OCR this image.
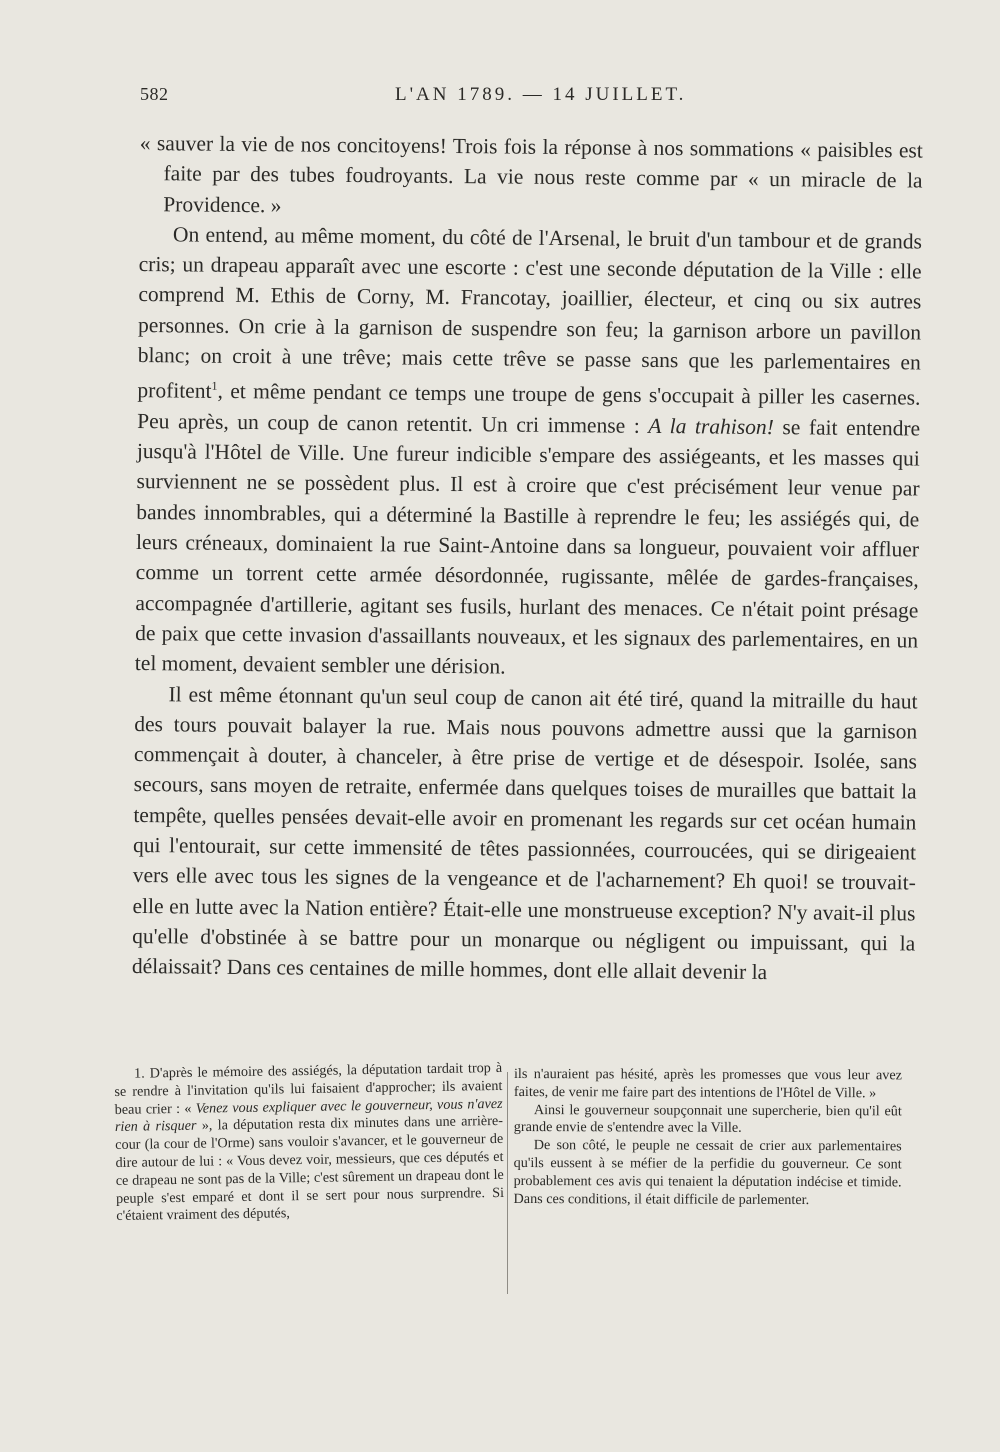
582	L'AN 1789. — 14 JUILLET.

« sauver la vie de nos concitoyens! Trois fois la réponse à nos sommations « paisibles est faite par des tubes foudroyants. La vie nous reste comme par « un miracle de la Providence. »

On entend, au même moment, du côté de l'Arsenal, le bruit d'un tambour et de grands cris; un drapeau apparaît avec une escorte : c'est une seconde députation de la Ville : elle comprend M. Ethis de Corny, M. Francotay, joaillier, électeur, et cinq ou six autres personnes. On crie à la garnison de suspendre son feu; la garnison arbore un pavillon blanc; on croit à une trêve; mais cette trêve se passe sans que les parlementaires en profitent$^1$, et même pendant ce temps une troupe de gens s'occupait à piller les casernes. Peu après, un coup de canon retentit. Un cri immense : A la trahison! se fait entendre jusqu'à l'Hôtel de Ville. Une fureur indicible s'empare des assiégeants, et les masses qui surviennent ne se possèdent plus. Il est à croire que c'est précisément leur venue par bandes innombrables, qui a déterminé la Bastille à reprendre le feu; les assiégés qui, de leurs créneaux, dominaient la rue Saint-Antoine dans sa longueur, pouvaient voir affluer comme un torrent cette armée désordonnée, rugissante, mêlée de gardes-françaises, accompagnée d'artillerie, agitant ses fusils, hurlant des menaces. Ce n'était point présage de paix que cette invasion d'assaillants nouveaux, et les signaux des parlementaires, en un tel moment, devaient sembler une dérision.

Il est même étonnant qu'un seul coup de canon ait été tiré, quand la mitraille du haut des tours pouvait balayer la rue. Mais nous pouvons admettre aussi que la garnison commençait à douter, à chanceler, à être prise de vertige et de désespoir. Isolée, sans secours, sans moyen de retraite, enfermée dans quelques toises de murailles que battait la tempête, quelles pensées devait-elle avoir en promenant les regards sur cet océan humain qui l'entourait, sur cette immensité de têtes passionnées, courroucées, qui se dirigeaient vers elle avec tous les signes de la vengeance et de l'acharnement? Eh quoi! se trouvait-elle en lutte avec la Nation entière? Était-elle une monstrueuse exception? N'y avait-il plus qu'elle d'obstinée à se battre pour un monarque ou négligent ou impuissant, qui la délaissait? Dans ces centaines de mille hommes, dont elle allait devenir la

1. D'après le mémoire des assiégés, la députation tardait trop à se rendre à l'invitation qu'ils lui faisaient d'approcher; ils avaient beau crier : « Venez vous expliquer avec le gouverneur, vous n'avez rien à risquer », la députation resta dix minutes dans une arrière-cour (la cour de l'Orme) sans vouloir s'avancer, et le gouverneur de dire autour de lui : « Vous devez voir, messieurs, que ces députés et ce drapeau ne sont pas de la Ville; c'est sûrement un drapeau dont le peuple s'est emparé et dont il se sert pour nous surprendre. Si c'étaient vraiment des députés,

ils n'auraient pas hésité, après les promesses que vous leur avez faites, de venir me faire part des intentions de l'Hôtel de Ville. »

Ainsi le gouverneur soupçonnait une supercherie, bien qu'il eût grande envie de s'entendre avec la Ville.

De son côté, le peuple ne cessait de crier aux parlementaires qu'ils eussent à se méfier de la perfidie du gouverneur. Ce sont probablement ces avis qui tenaient la députation indécise et timide. Dans ces conditions, il était difficile de parlementer.
